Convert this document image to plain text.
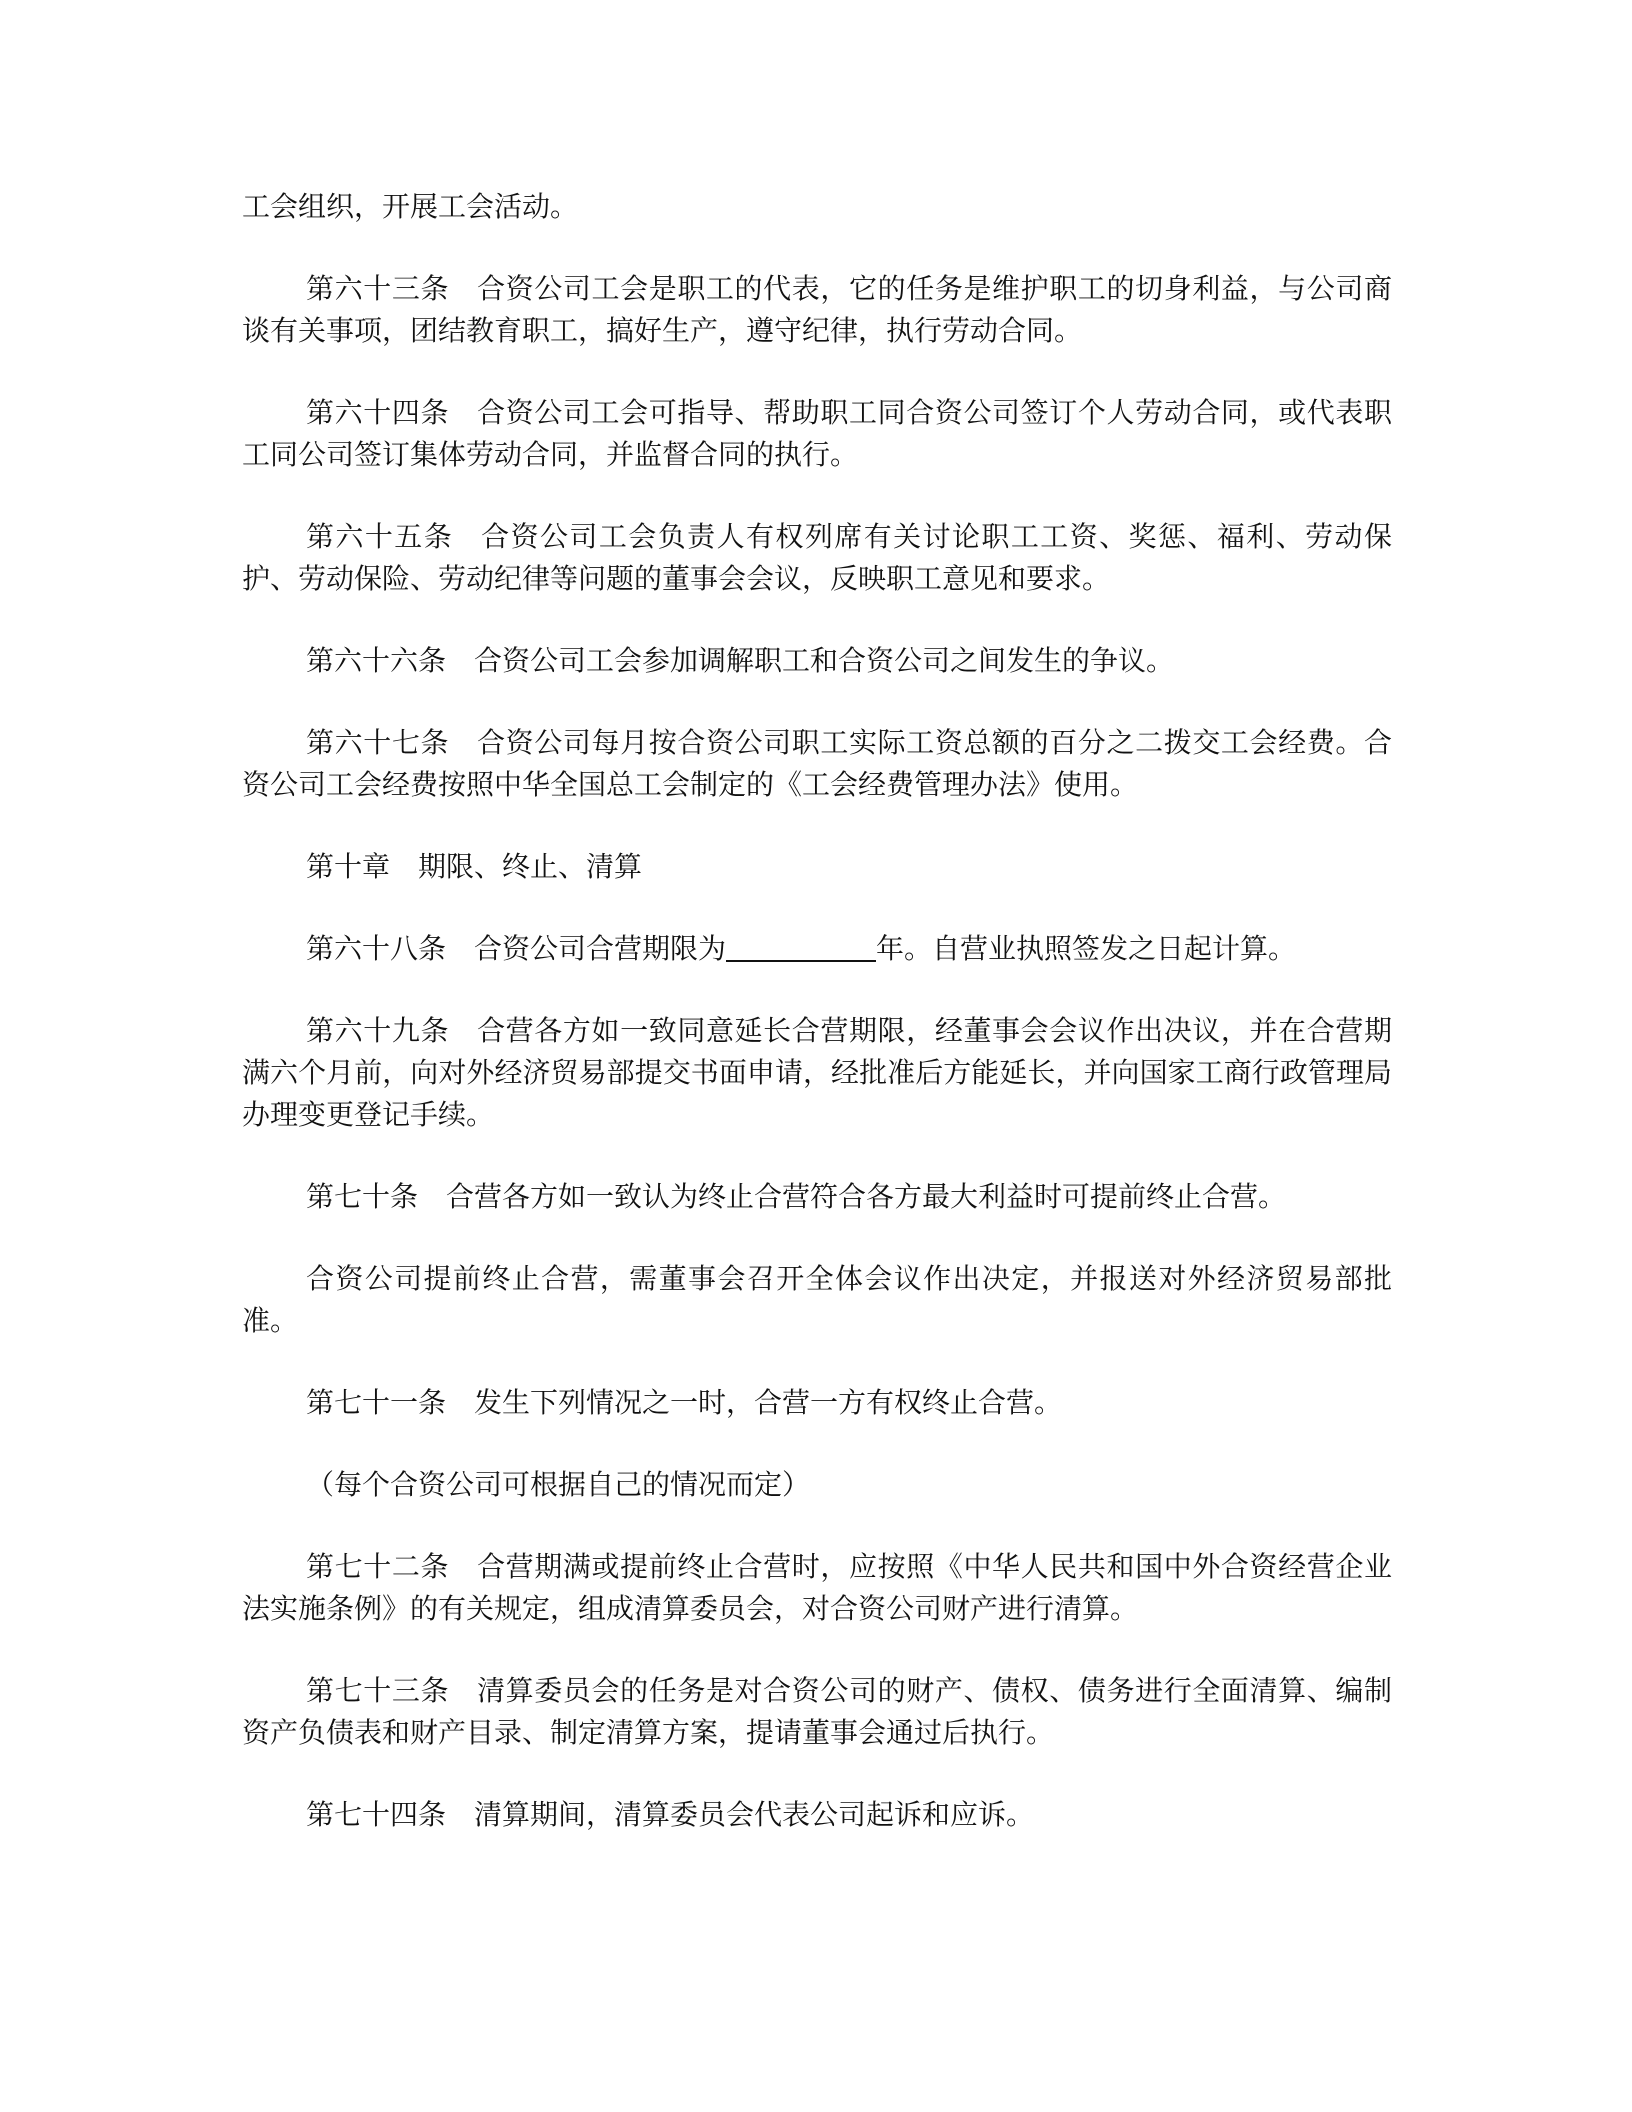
工会组织，开展工会活动。

第六十三条 合资公司工会是职工的代表，它的任务是维护职工的切身利益，与公司商谈有关事项，团结教育职工，搞好生产，遵守纪律，执行劳动合同。

第六十四条 合资公司工会可指导、帮助职工同合资公司签订个人劳动合同，或代表职工同公司签订集体劳动合同，并监督合同的执行。

第六十五条 合资公司工会负责人有权列席有关讨论职工工资、奖惩、福利、劳动保护、劳动保险、劳动纪律等问题的董事会会议，反映职工意见和要求。

第六十六条 合资公司工会参加调解职工和合资公司之间发生的争议。

第六十七条 合资公司每月按合资公司职工实际工资总额的百分之二拨交工会经费。合资公司工会经费按照中华全国总工会制定的《工会经费管理办法》使用。

第十章 期限、终止、清算

第六十八条 合资公司合营期限为	年。自营业执照签发之日起计算。

第六十九条 合营各方如一致同意延长合营期限，经董事会会议作出决议，并在合营期满六个月前，向对外经济贸易部提交书面申请，经批准后方能延长，并向国家工商行政管理局办理变更登记手续。

第七十条 合营各方如一致认为终止合营符合各方最大利益时可提前终止合营。

合资公司提前终止合营，需董事会召开全体会议作出决定，并报送对外经济贸易部批准。

第七十一条 发生下列情况之一时，合营一方有权终止合营。

（每个合资公司可根据自己的情况而定）

第七十二条 合营期满或提前终止合营时，应按照《中华人民共和国中外合资经营企业法实施条例》的有关规定，组成清算委员会，对合资公司财产进行清算。

第七十三条 清算委员会的任务是对合资公司的财产、债权、债务进行全面清算、编制资产负债表和财产目录、制定清算方案，提请董事会通过后执行。

第七十四条 清算期间，清算委员会代表公司起诉和应诉。
